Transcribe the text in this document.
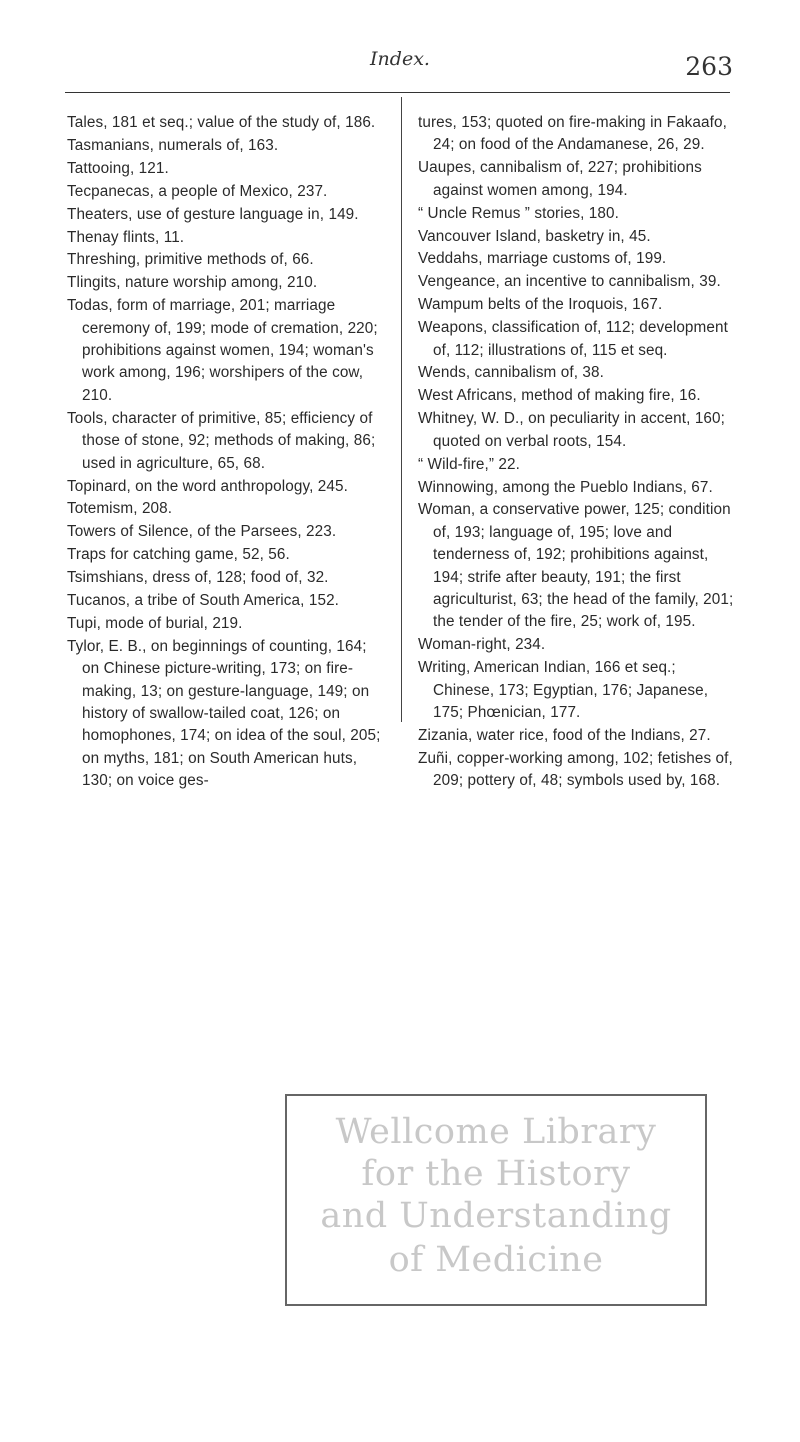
Index.	263

Tales, 181 et seq.; value of the study of, 186.

Tasmanians, numerals of, 163.

Tattooing, 121.

Tecpanecas, a people of Mexico, 237.

Theaters, use of gesture language in, 149.

Thenay flints, 11.

Threshing, primitive methods of, 66.

Tlingits, nature worship among, 210.

Todas, form of marriage, 201; marriage ceremony of, 199; mode of cremation, 220; prohibitions against women, 194; woman's work among, 196; worshipers of the cow, 210.

Tools, character of primitive, 85; efficiency of those of stone, 92; methods of making, 86; used in agriculture, 65, 68.

Topinard, on the word anthropology, 245.

Totemism, 208.

Towers of Silence, of the Parsees, 223.

Traps for catching game, 52, 56.

Tsimshians, dress of, 128; food of, 32.

Tucanos, a tribe of South America, 152.

Tupi, mode of burial, 219.

Tylor, E. B., on beginnings of counting, 164; on Chinese picture-writing, 173; on fire-making, 13; on gesture-language, 149; on history of swallow-tailed coat, 126; on homophones, 174; on idea of the soul, 205; on myths, 181; on South American huts, 130; on voice ges-

tures, 153; quoted on fire-making in Fakaafo, 24; on food of the Andamanese, 26, 29.

Uaupes, cannibalism of, 227; prohibitions against women among, 194.

“ Uncle Remus ” stories, 180.

Vancouver Island, basketry in, 45.

Veddahs, marriage customs of, 199.

Vengeance, an incentive to cannibalism, 39.

Wampum belts of the Iroquois, 167.

Weapons, classification of, 112; development of, 112; illustrations of, 115 et seq.

Wends, cannibalism of, 38.

West Africans, method of making fire, 16.

Whitney, W. D., on peculiarity in accent, 160; quoted on verbal roots, 154.

“ Wild-fire,” 22.

Winnowing, among the Pueblo Indians, 67.

Woman, a conservative power, 125; condition of, 193; language of, 195; love and tenderness of, 192; prohibitions against, 194; strife after beauty, 191; the first agriculturist, 63; the head of the family, 201; the tender of the fire, 25; work of, 195.

Woman-right, 234.

Writing, American Indian, 166 et seq.; Chinese, 173; Egyptian, 176; Japanese, 175; Phœnician, 177.

Zizania, water rice, food of the Indians, 27.

Zuñi, copper-working among, 102; fetishes of, 209; pottery of, 48; symbols used by, 168.

Wellcome Library
for the History
and Understanding
of Medicine
